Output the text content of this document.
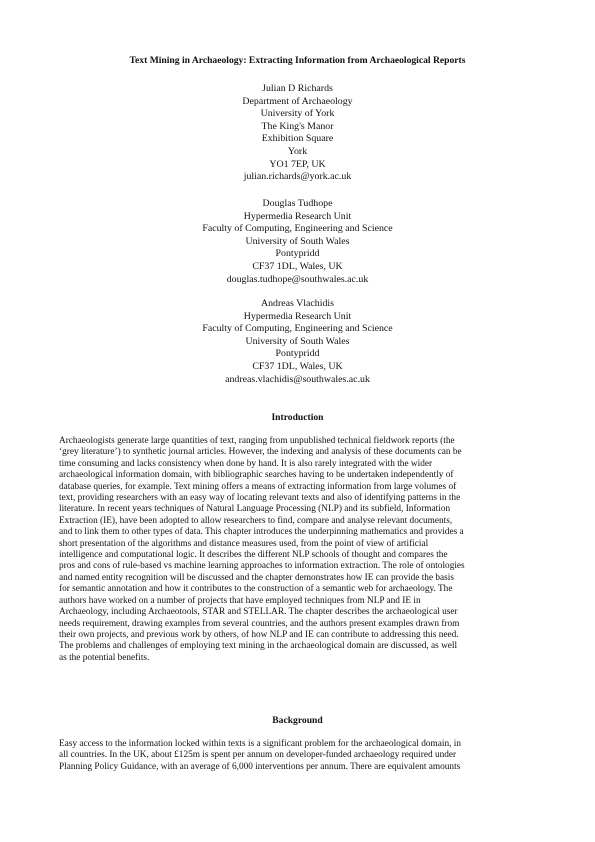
Text Mining in Archaeology: Extracting Information from Archaeological Reports
Julian D Richards
Department of Archaeology
University of York
The King's Manor
Exhibition Square
York
YO1 7EP, UK
julian.richards@york.ac.uk
Douglas Tudhope
Hypermedia Research Unit
Faculty of Computing, Engineering and Science
University of South Wales
Pontypridd
CF37 1DL, Wales, UK
douglas.tudhope@southwales.ac.uk
Andreas Vlachidis
Hypermedia Research Unit
Faculty of Computing, Engineering and Science
University of South Wales
Pontypridd
CF37 1DL, Wales, UK
andreas.vlachidis@southwales.ac.uk
Introduction
Archaeologists generate large quantities of text, ranging from unpublished technical fieldwork reports (the
‘grey literature’) to synthetic journal articles. However, the indexing and analysis of these documents can be
time consuming and lacks consistency when done by hand. It is also rarely integrated with the wider
archaeological information domain, with bibliographic searches having to be undertaken independently of
database queries, for example. Text mining offers a means of extracting information from large volumes of
text, providing researchers with an easy way of locating relevant texts and also of identifying patterns in the
literature. In recent years techniques of Natural Language Processing (NLP) and its subfield, Information
Extraction (IE), have been adopted to allow researchers to find, compare and analyse relevant documents,
and to link them to other types of data. This chapter introduces the underpinning mathematics and provides a
short presentation of the algorithms and distance measures used, from the point of view of artificial
intelligence and computational logic. It describes the different NLP schools of thought and compares the
pros and cons of rule-based vs machine learning approaches to information extraction. The role of ontologies
and named entity recognition will be discussed and the chapter demonstrates how IE can provide the basis
for semantic annotation and how it contributes to the construction of a semantic web for archaeology. The
authors have worked on a number of projects that have employed techniques from NLP and IE in
Archaeology, including Archaeotools, STAR and STELLAR. The chapter describes the archaeological user
needs requirement, drawing examples from several countries, and the authors present examples drawn from
their own projects, and previous work by others, of how NLP and IE can contribute to addressing this need.
The problems and challenges of employing text mining in the archaeological domain are discussed, as well
as the potential benefits.
Background
Easy access to the information locked within texts is a significant problem for the archaeological domain, in
all countries. In the UK, about £125m is spent per annum on developer-funded archaeology required under
Planning Policy Guidance, with an average of 6,000 interventions per annum. There are equivalent amounts
